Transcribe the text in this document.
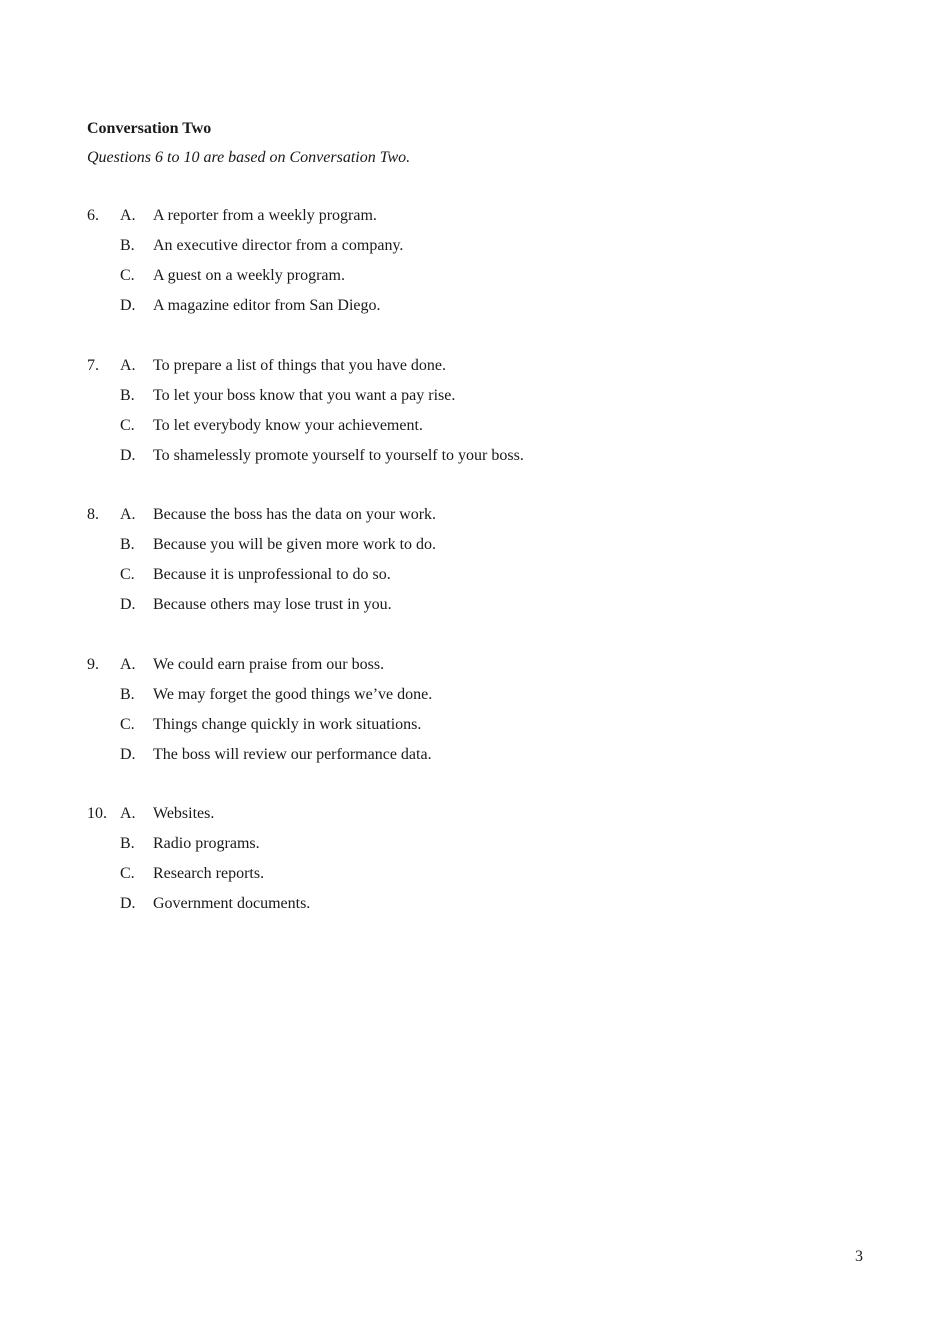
Conversation Two
Questions 6 to 10 are based on Conversation Two.
6. A. A reporter from a weekly program.
B. An executive director from a company.
C. A guest on a weekly program.
D. A magazine editor from San Diego.
7. A. To prepare a list of things that you have done.
B. To let your boss know that you want a pay rise.
C. To let everybody know your achievement.
D. To shamelessly promote yourself to yourself to your boss.
8. A. Because the boss has the data on your work.
B. Because you will be given more work to do.
C. Because it is unprofessional to do so.
D. Because others may lose trust in you.
9. A. We could earn praise from our boss.
B. We may forget the good things we’ve done.
C. Things change quickly in work situations.
D. The boss will review our performance data.
10. A. Websites.
B. Radio programs.
C. Research reports.
D. Government documents.
3
